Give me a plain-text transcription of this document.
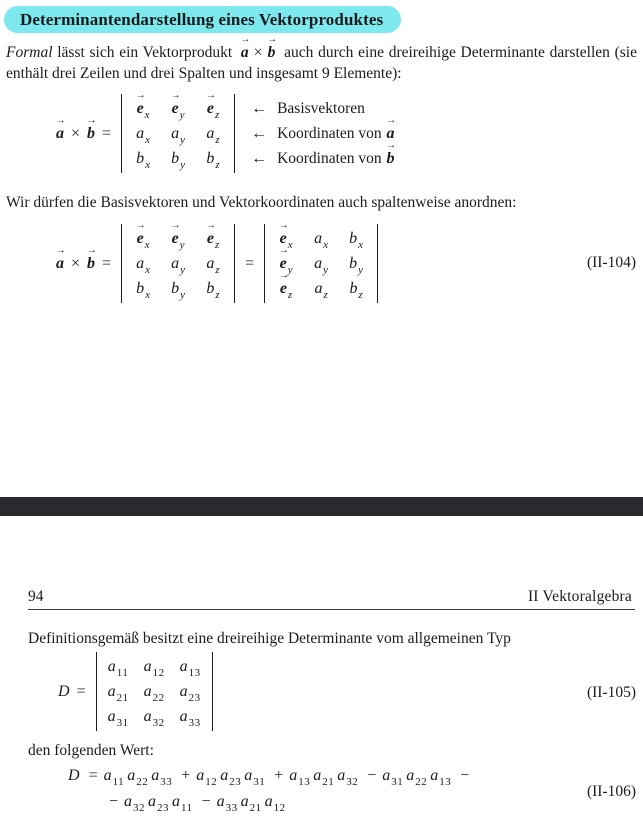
Determinantendarstellung eines Vektorproduktes
Formal lässt sich ein Vektorprodukt a
→
× b
→
auch durch eine dreireihige Determinante darstellen (sie enthält drei Zeilen und drei Spalten und insgesamt 9 Elemente):
a
→
× b
→
=
e
→
x e
→
y e
→
z
a x a y a z
b x b y b z
← Basisvektoren
← Koordinaten von a
→
← Koordinaten von b
→
Wir dürfen die Basisvektoren und Vektorkoordinaten auch spaltenweise anordnen:
a
→
× b
→
=
e
→
x e
→
y e
→
z
a x a y a z
b x b y b z
=
e
→
x a x b x
e
→
y a y b y
e
→
z a z b z
(II-104)
94	II Vektoralgebra
Definitionsgemäß besitzt eine dreireihige Determinante vom allgemeinen Typ
D =
a 11 a 12 a 13
a 21 a 22 a 23
a 31 a 32 a 33
(II-105)
den folgenden Wert:
D = a 11 a 22 a 33 + a 12 a 23 a 31 + a 13 a 21 a 32 − a 31 a 22 a 13 −
− a 32 a 23 a 11 − a 33 a 21 a 12
(II-106)
